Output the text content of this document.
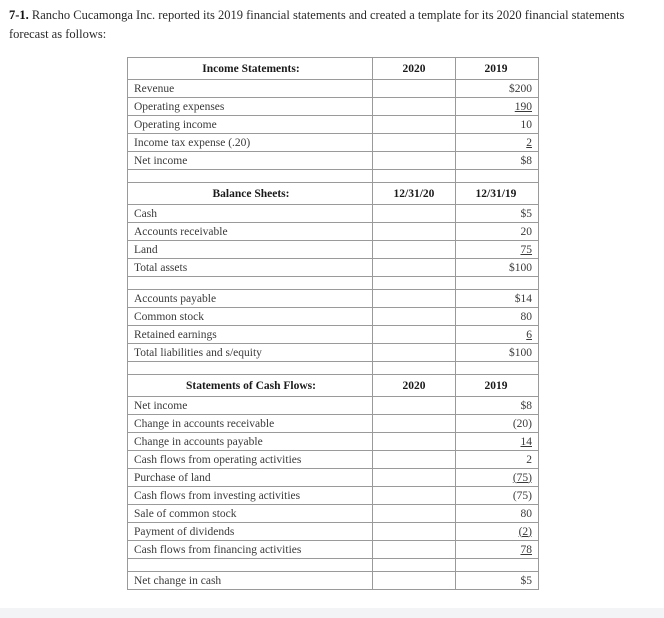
7-1. Rancho Cucamonga Inc. reported its 2019 financial statements and created a template for its 2020 financial statements forecast as follows:
Income Statements:	2020	2019
Revenue		$200
Operating expenses		190
Operating income		10
Income tax expense (.20)		2
Net income		$8

Balance Sheets:	12/31/20	12/31/19
Cash		$5
Accounts receivable		20
Land		75
Total assets		$100

Accounts payable		$14
Common stock		80
Retained earnings		6
Total liabilities and s/equity		$100

Statements of Cash Flows:	2020	2019
Net income		$8
Change in accounts receivable		(20)
Change in accounts payable		14
Cash flows from operating activities		2
Purchase of land		(75)
Cash flows from investing activities		(75)
Sale of common stock		80
Payment of dividends		(2)
Cash flows from financing activities		78

Net change in cash		$5
